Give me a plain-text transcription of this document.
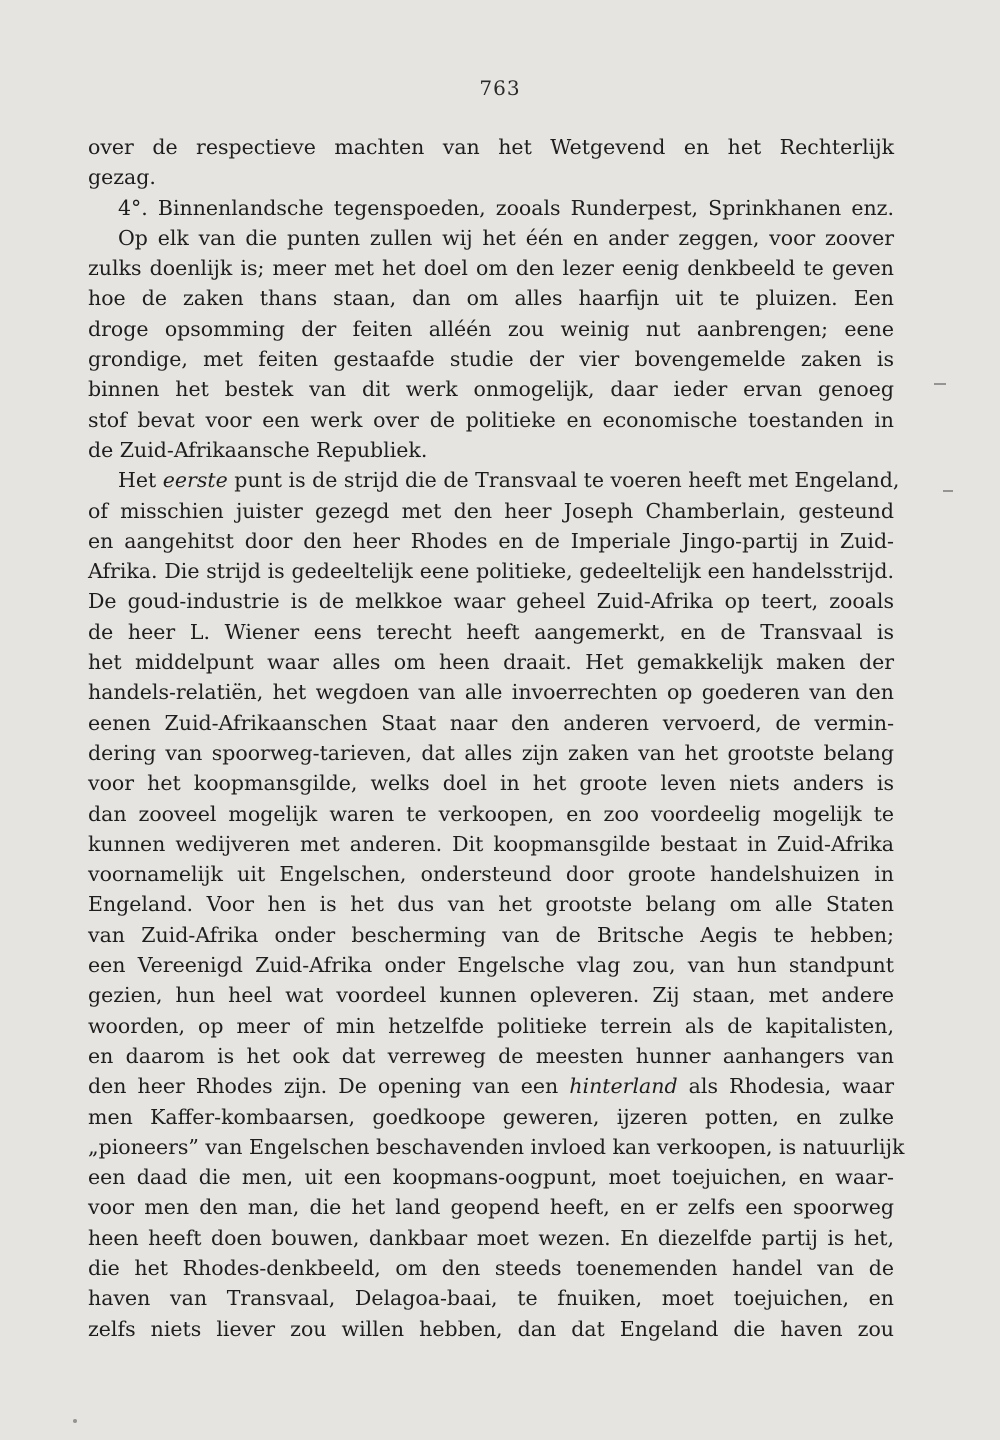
763
over de respectieve machten van het Wetgevend en het Rechterlijk
gezag.
4°. Binnenlandsche tegenspoeden, zooals Runderpest, Sprinkhanen enz.
Op elk van die punten zullen wij het één en ander zeggen, voor zoover
zulks doenlijk is; meer met het doel om den lezer eenig denkbeeld te geven
hoe de zaken thans staan, dan om alles haarfijn uit te pluizen. Een
droge opsomming der feiten alléén zou weinig nut aanbrengen; eene
grondige, met feiten gestaafde studie der vier bovengemelde zaken is
binnen het bestek van dit werk onmogelijk, daar ieder ervan genoeg
stof bevat voor een werk over de politieke en economische toestanden in
de Zuid-Afrikaansche Republiek.
Het eerste punt is de strijd die de Transvaal te voeren heeft met Engeland,
of misschien juister gezegd met den heer Joseph Chamberlain, gesteund
en aangehitst door den heer Rhodes en de Imperiale Jingo-partij in Zuid-
Afrika. Die strijd is gedeeltelijk eene politieke, gedeeltelijk een handelsstrijd.
De goud-industrie is de melkkoe waar geheel Zuid-Afrika op teert, zooals
de heer L. Wiener eens terecht heeft aangemerkt, en de Transvaal is
het middelpunt waar alles om heen draait. Het gemakkelijk maken der
handels-relatiën, het wegdoen van alle invoerrechten op goederen van den
eenen Zuid-Afrikaanschen Staat naar den anderen vervoerd, de vermin-
dering van spoorweg-tarieven, dat alles zijn zaken van het grootste belang
voor het koopmansgilde, welks doel in het groote leven niets anders is
dan zooveel mogelijk waren te verkoopen, en zoo voordeelig mogelijk te
kunnen wedijveren met anderen. Dit koopmansgilde bestaat in Zuid-Afrika
voornamelijk uit Engelschen, ondersteund door groote handelshuizen in
Engeland. Voor hen is het dus van het grootste belang om alle Staten
van Zuid-Afrika onder bescherming van de Britsche Aegis te hebben;
een Vereenigd Zuid-Afrika onder Engelsche vlag zou, van hun standpunt
gezien, hun heel wat voordeel kunnen opleveren. Zij staan, met andere
woorden, op meer of min hetzelfde politieke terrein als de kapitalisten,
en daarom is het ook dat verreweg de meesten hunner aanhangers van
den heer Rhodes zijn. De opening van een hinterland als Rhodesia, waar
men Kaffer-kombaarsen, goedkoope geweren, ijzeren potten, en zulke
„pioneers” van Engelschen beschavenden invloed kan verkoopen, is natuurlijk
een daad die men, uit een koopmans-oogpunt, moet toejuichen, en waar-
voor men den man, die het land geopend heeft, en er zelfs een spoorweg
heen heeft doen bouwen, dankbaar moet wezen. En diezelfde partij is het,
die het Rhodes-denkbeeld, om den steeds toenemenden handel van de
haven van Transvaal, Delagoa-baai, te fnuiken, moet toejuichen, en
zelfs niets liever zou willen hebben, dan dat Engeland die haven zou
